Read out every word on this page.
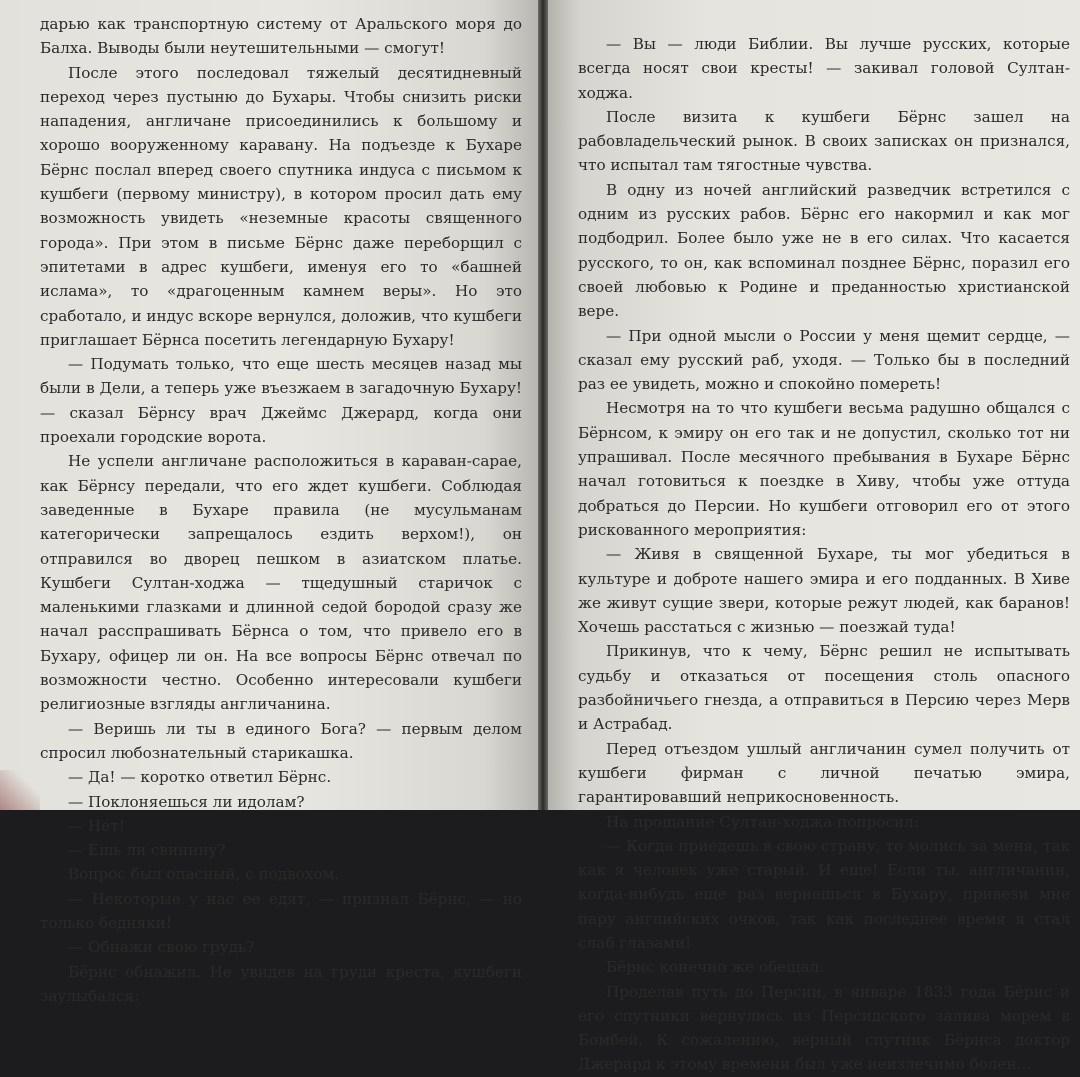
дарью как транспортную систему от Аральского моря до Балха. Выводы были неутешительными — смогут!

После этого последовал тяжелый десятидневный переход через пустыню до Бухары. Чтобы снизить риски нападения, англичане присоединились к большому и хорошо вооруженному каравану. На подъезде к Бухаре Бёрнс послал вперед своего спутника индуса с письмом к кушбеги (первому министру), в котором просил дать ему возможность увидеть «неземные красоты священного города». При этом в письме Бёрнс даже переборщил с эпитетами в адрес кушбеги, именуя его то «башней ислама», то «драгоценным камнем веры». Но это сработало, и индус вскоре вернулся, доложив, что кушбеги приглашает Бёрнса посетить легендарную Бухару!

— Подумать только, что еще шесть месяцев назад мы были в Дели, а теперь уже въезжаем в загадочную Бухару! — сказал Бёрнсу врач Джеймс Джерард, когда они проехали городские ворота.

Не успели англичане расположиться в караван-сарае, как Бёрнсу передали, что его ждет кушбеги. Соблюдая заведенные в Бухаре правила (не мусульманам категорически запрещалось ездить верхом!), он отправился во дворец пешком в азиатском платье. Кушбеги Султан-ходжа — тщедушный старичок с маленькими глазками и длинной седой бородой сразу же начал расспрашивать Бёрнса о том, что привело его в Бухару, офицер ли он. На все вопросы Бёрнс отвечал по возможности честно. Особенно интересовали кушбеги религиозные взгляды англичанина.

— Веришь ли ты в единого Бога? — первым делом спросил любознательный старикашка.

— Да! — коротко ответил Бёрнс.

— Поклоняешься ли идолам?

— Нет!

— Ешь ли свинину?

Вопрос был опасный, с подвохом.

— Некоторые у нас ее едят, — признал Бёрнс, — но только бедняки!

— Обнажи свою грудь?

Бёрнс обнажил. Не увидев на груди креста, кушбеги заулыбался:

— Вы — люди Библии. Вы лучше русских, которые всегда носят свои кресты! — закивал головой Султан-ходжа.

После визита к кушбеги Бёрнс зашел на рабовладельческий рынок. В своих записках он признался, что испытал там тягостные чувства.

В одну из ночей английский разведчик встретился с одним из русских рабов. Бёрнс его накормил и как мог подбодрил. Более было уже не в его силах. Что касается русского, то он, как вспоминал позднее Бёрнс, поразил его своей любовью к Родине и преданностью христианской вере.

— При одной мысли о России у меня щемит сердце, — сказал ему русский раб, уходя. — Только бы в последний раз ее увидеть, можно и спокойно помереть!

Несмотря на то что кушбеги весьма радушно общался с Бёрнсом, к эмиру он его так и не допустил, сколько тот ни упрашивал. После месячного пребывания в Бухаре Бёрнс начал готовиться к поездке в Хиву, чтобы уже оттуда добраться до Персии. Но кушбеги отговорил его от этого рискованного мероприятия:

— Живя в священной Бухаре, ты мог убедиться в культуре и доброте нашего эмира и его подданных. В Хиве же живут сущие звери, которые режут людей, как баранов! Хочешь расстаться с жизнью — поезжай туда!

Прикинув, что к чему, Бёрнс решил не испытывать судьбу и отказаться от посещения столь опасного разбойничьего гнезда, а отправиться в Персию через Мерв и Астрабад.

Перед отъездом ушлый англичанин сумел получить от кушбеги фирман с личной печатью эмира, гарантировавший неприкосновенность.

На прощание Султан-ходжа попросил:

— Когда приедешь в свою страну, то молись за меня, так как я человек уже старый. И еще! Если ты, англичанин, когда-нибудь еще раз вернешься в Бухару, привези мне пару английских очков, так как последнее время я стал слаб глазами!

Бёрнс конечно же обещал.

Проделав путь до Персии, в январе 1833 года Бёрнс и его спутники вернулись из Персидского залива морем в Бомбей. К сожалению, верный спутник Бёрнса доктор Джерард к этому времени был уже неизлечимо болен...
